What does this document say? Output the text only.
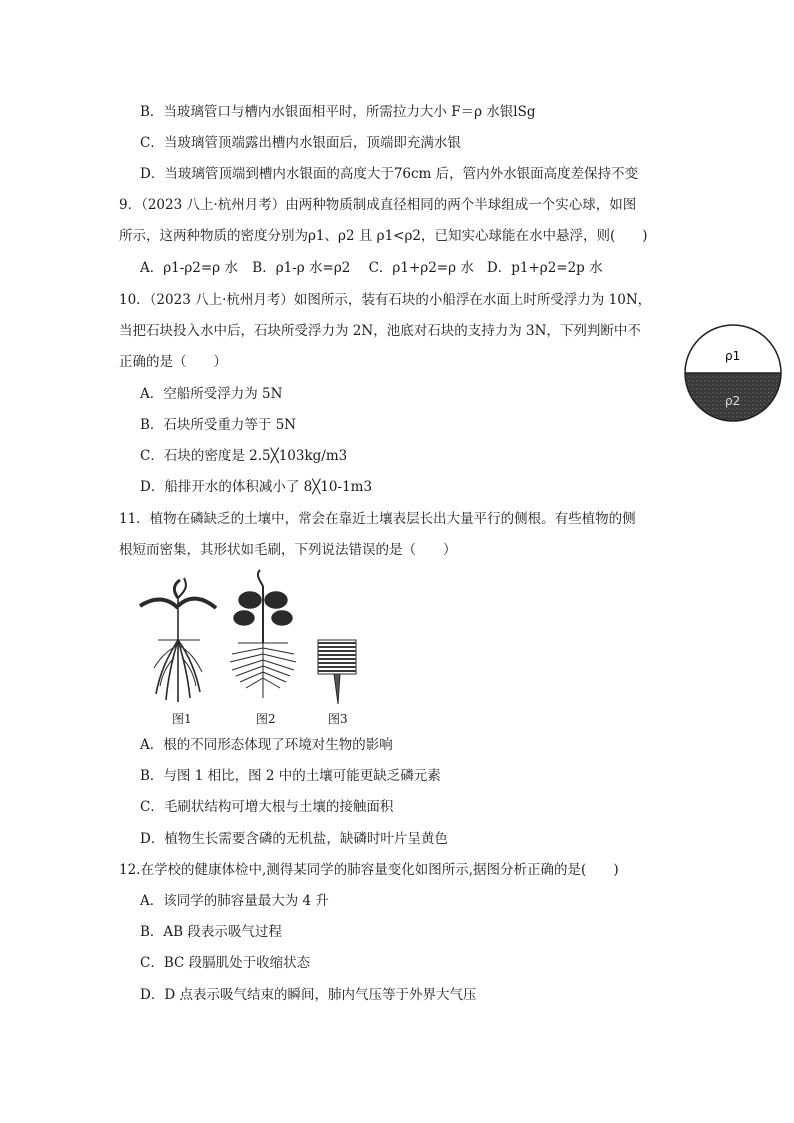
B．当玻璃管口与槽内水银面相平时，所需拉力大小 F＝ρ 水银lSg
C．当玻璃管顶端露出槽内水银面后，顶端即充满水银
D．当玻璃管顶端到槽内水银面的高度大于76cm 后，管内外水银面高度差保持不变
9．（2023 八上·杭州月考）由两种物质制成直径相同的两个半球组成一个实心球，如图
所示，这两种物质的密度分别为ρ1、ρ2 且 ρ1<ρ2，已知实心球能在水中悬浮，则(　　)
A．ρ1-ρ2=ρ 水 B．ρ1-ρ 水=ρ2 C．ρ1+ρ2=ρ 水 D．p1+ρ2=2p 水
10．（2023 八上·杭州月考）如图所示，装有石块的小船浮在水面上时所受浮力为 10N，
当把石块投入水中后，石块所受浮力为 2N，池底对石块的支持力为 3N，下列判断中不
正确的是（　　）
A．空船所受浮力为 5N
B．石块所受重力等于 5N
C．石块的密度是 2.5╳103kg/m3
D．船排开水的体积减小了 8╳10-1m3
ρ1
ρ2
11．植物在磷缺乏的土壤中，常会在靠近土壤表层长出大量平行的侧根。有些植物的侧
根短而密集，其形状如毛刷，下列说法错误的是（　　）
图1	图2	图3
A．根的不同形态体现了环境对生物的影响
B．与图 1 相比，图 2 中的土壤可能更缺乏磷元素
C．毛刷状结构可增大根与土壤的接触面积
D．植物生长需要含磷的无机盐，缺磷时叶片呈黄色
12.在学校的健康体检中,测得某同学的肺容量变化如图所示,据图分析正确的是(　　)
A．该同学的肺容量最大为 4 升
B．AB 段表示吸气过程
C．BC 段膈肌处于收缩状态
D．D 点表示吸气结束的瞬间，肺内气压等于外界大气压
